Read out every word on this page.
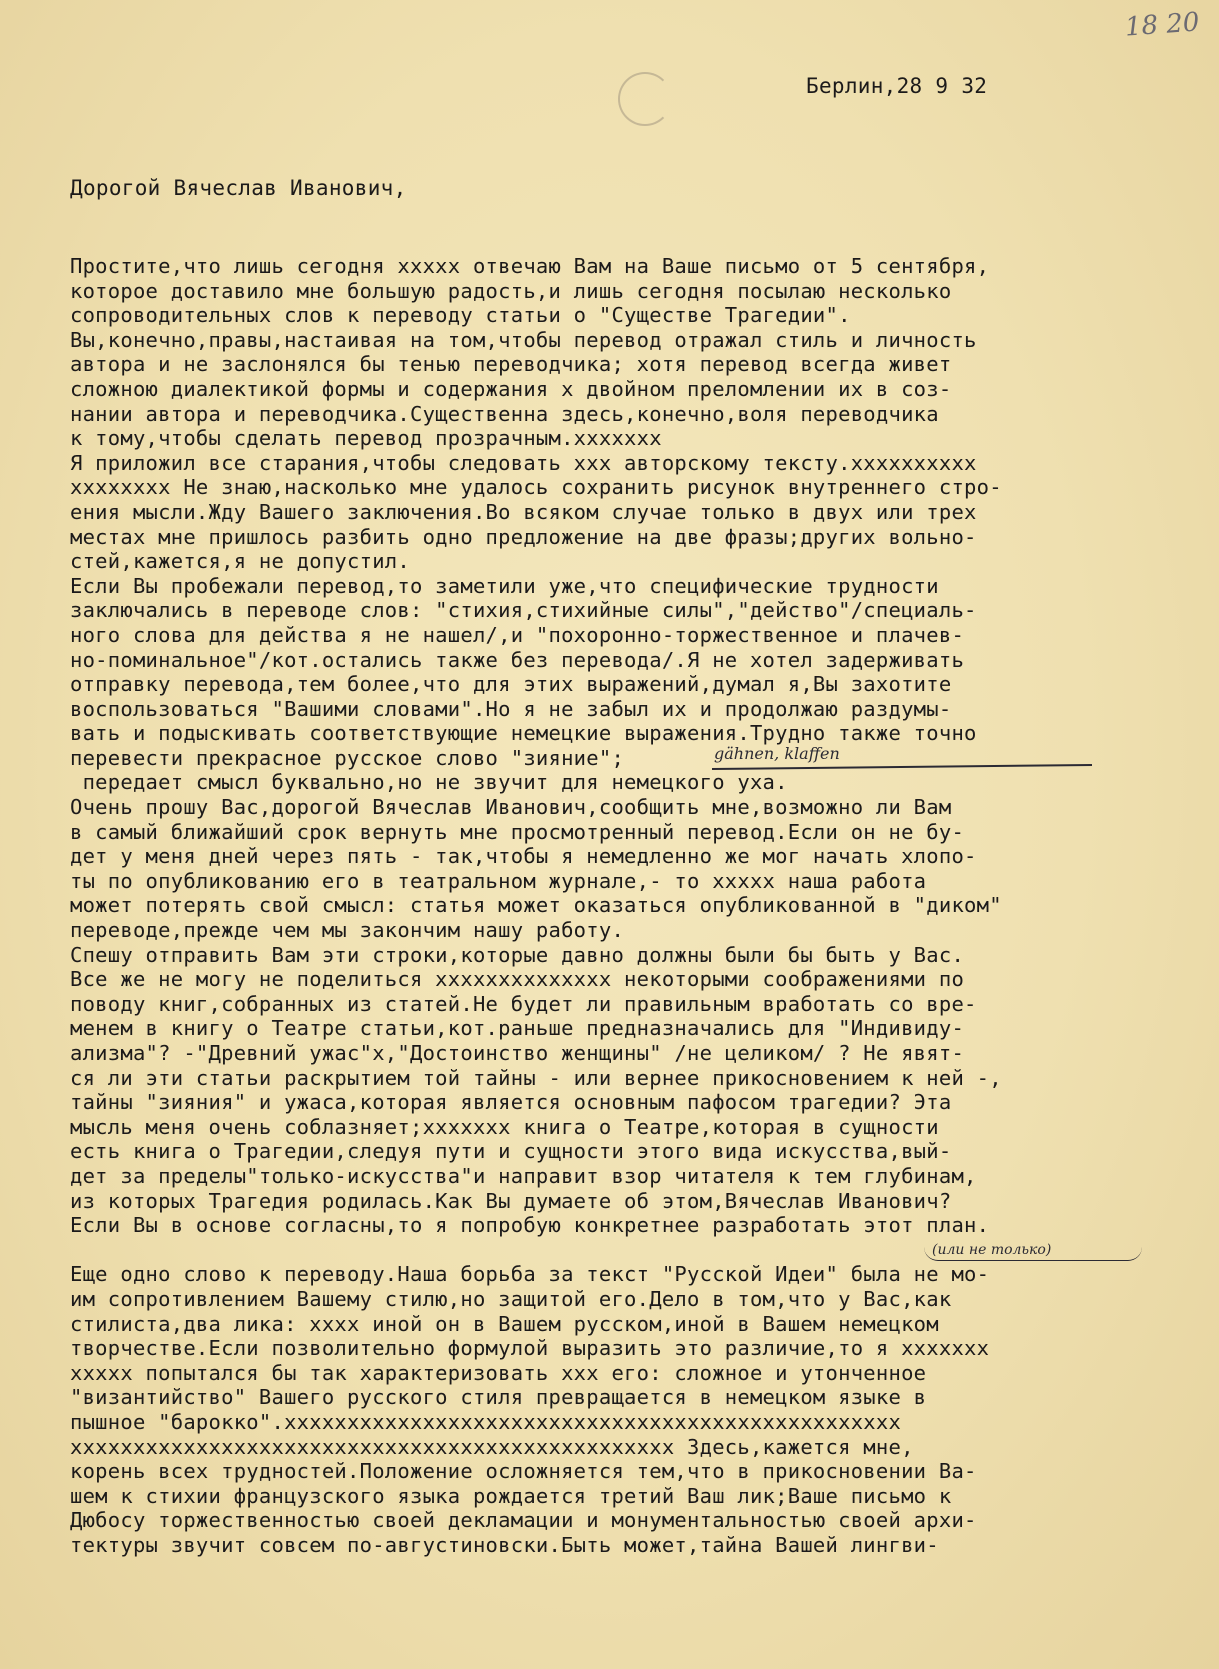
18 20
Берлин,28 9 32
Дорогой Вячеслав Иванович,
Простите,что лишь сегодня xxxxx отвечаю Вам на Ваше письмо от 5 сентября,
которое доставило мне большую радость,и лишь сегодня посылаю несколько
сопроводительных слов к переводу статьи о "Существе Трагедии".
Вы,конечно,правы,настаивая на том,чтобы перевод отражал стиль и личность
автора и не заслонялся бы тенью переводчика; хотя перевод всегда живет
сложною диалектикой формы и содержания x двойном преломлении их в соз-
нании автора и переводчика.Существенна здесь,конечно,воля переводчика
к тому,чтобы сделать перевод прозрачным.xxxxxxx
Я приложил все старания,чтобы следовать xxx авторскому тексту.xxxxxxxxxx
xxxxxxxx Не знаю,насколько мне удалось сохранить рисунок внутреннего стро-
ения мысли.Жду Вашего заключения.Во всяком случае только в двух или трех
местах мне пришлось разбить одно предложение на две фразы;других вольно-
стей,кажется,я не допустил.
Если Вы пробежали перевод,то заметили уже,что специфические трудности
заключались в переводе слов: "стихия,стихийные силы","действо"/специаль-
ного слова для действа я не нашел/,и "похоронно-торжественное и плачев-
но-поминальное"/кот.остались также без перевода/.Я не хотел задерживать
отправку перевода,тем более,что для этих выражений,думал я,Вы захотите
воспользоваться "Вашими словами".Но я не забыл их и продолжаю раздумы-
вать и подыскивать соответствующие немецкие выражения.Трудно также точно
перевести прекрасное русское слово "зияние";
передает смысл буквально,но не звучит для немецкого уха.
Очень прошу Вас,дорогой Вячеслав Иванович,сообщить мне,возможно ли Вам
в самый ближайший срок вернуть мне просмотренный перевод.Если он не бу-
дет у меня дней через пять - так,чтобы я немедленно же мог начать хлопо-
ты по опубликованию его в театральном журнале,- то xxxxx наша работа
может потерять свой смысл: статья может оказаться опубликованной в "диком"
переводе,прежде чем мы закончим нашу работу.
Спешу отправить Вам эти строки,которые давно должны были бы быть у Вас.
Все же не могу не поделиться xxxxxxxxxxxxxx некоторыми соображениями по
поводу книг,собранных из статей.Не будет ли правильным вработать со вре-
менем в книгу о Театре статьи,кот.раньше предназначались для "Индивиду-
ализма"? -"Древний ужас"x,"Достоинство женщины" /не целиком/ ? Не явят-
ся ли эти статьи раскрытием той тайны - или вернее прикосновением к ней -,
тайны "зияния" и ужаса,которая является основным пафосом трагедии? Эта
мысль меня очень соблазняет;xxxxxxx книга о Театре,которая в сущности
есть книга о Трагедии,следуя пути и сущности этого вида искусства,вый-
дет за пределы"только-искусства"и направит взор читателя к тем глубинам,
из которых Трагедия родилась.Как Вы думаете об этом,Вячеслав Иванович?
Если Вы в основе согласны,то я попробую конкретнее разработать этот план.
Еще одно слово к переводу.Наша борьба за текст "Русской Идеи" была не мо-
им сопротивлением Вашему стилю,но защитой его.Дело в том,что у Вас,как
стилиста,два лика: xxxx иной он в Вашем русском,иной в Вашем немецком
творчестве.Если позволительно формулой выразить это различие,то я xxxxxxx
xxxxx попытался бы так характеризовать xxx его: сложное и утонченное
"византийство" Вашего русского стиля превращается в немецком языке в
пышное "барокко".xxxxxxxxxxxxxxxxxxxxxxxxxxxxxxxxxxxxxxxxxxxxxxxxx
xxxxxxxxxxxxxxxxxxxxxxxxxxxxxxxxxxxxxxxxxxxxxxxx Здесь,кажется мне,
корень всех трудностей.Положение осложняется тем,что в прикосновении Ва-
шем к стихии французского языка рождается третий Ваш лик;Ваше письмо к
Дюбосу торжественностью своей декламации и монументальностью своей архи-
тектуры звучит совсем по-августиновски.Быть может,тайна Вашей лингви-
gähnen, klaffen
(или не только)
